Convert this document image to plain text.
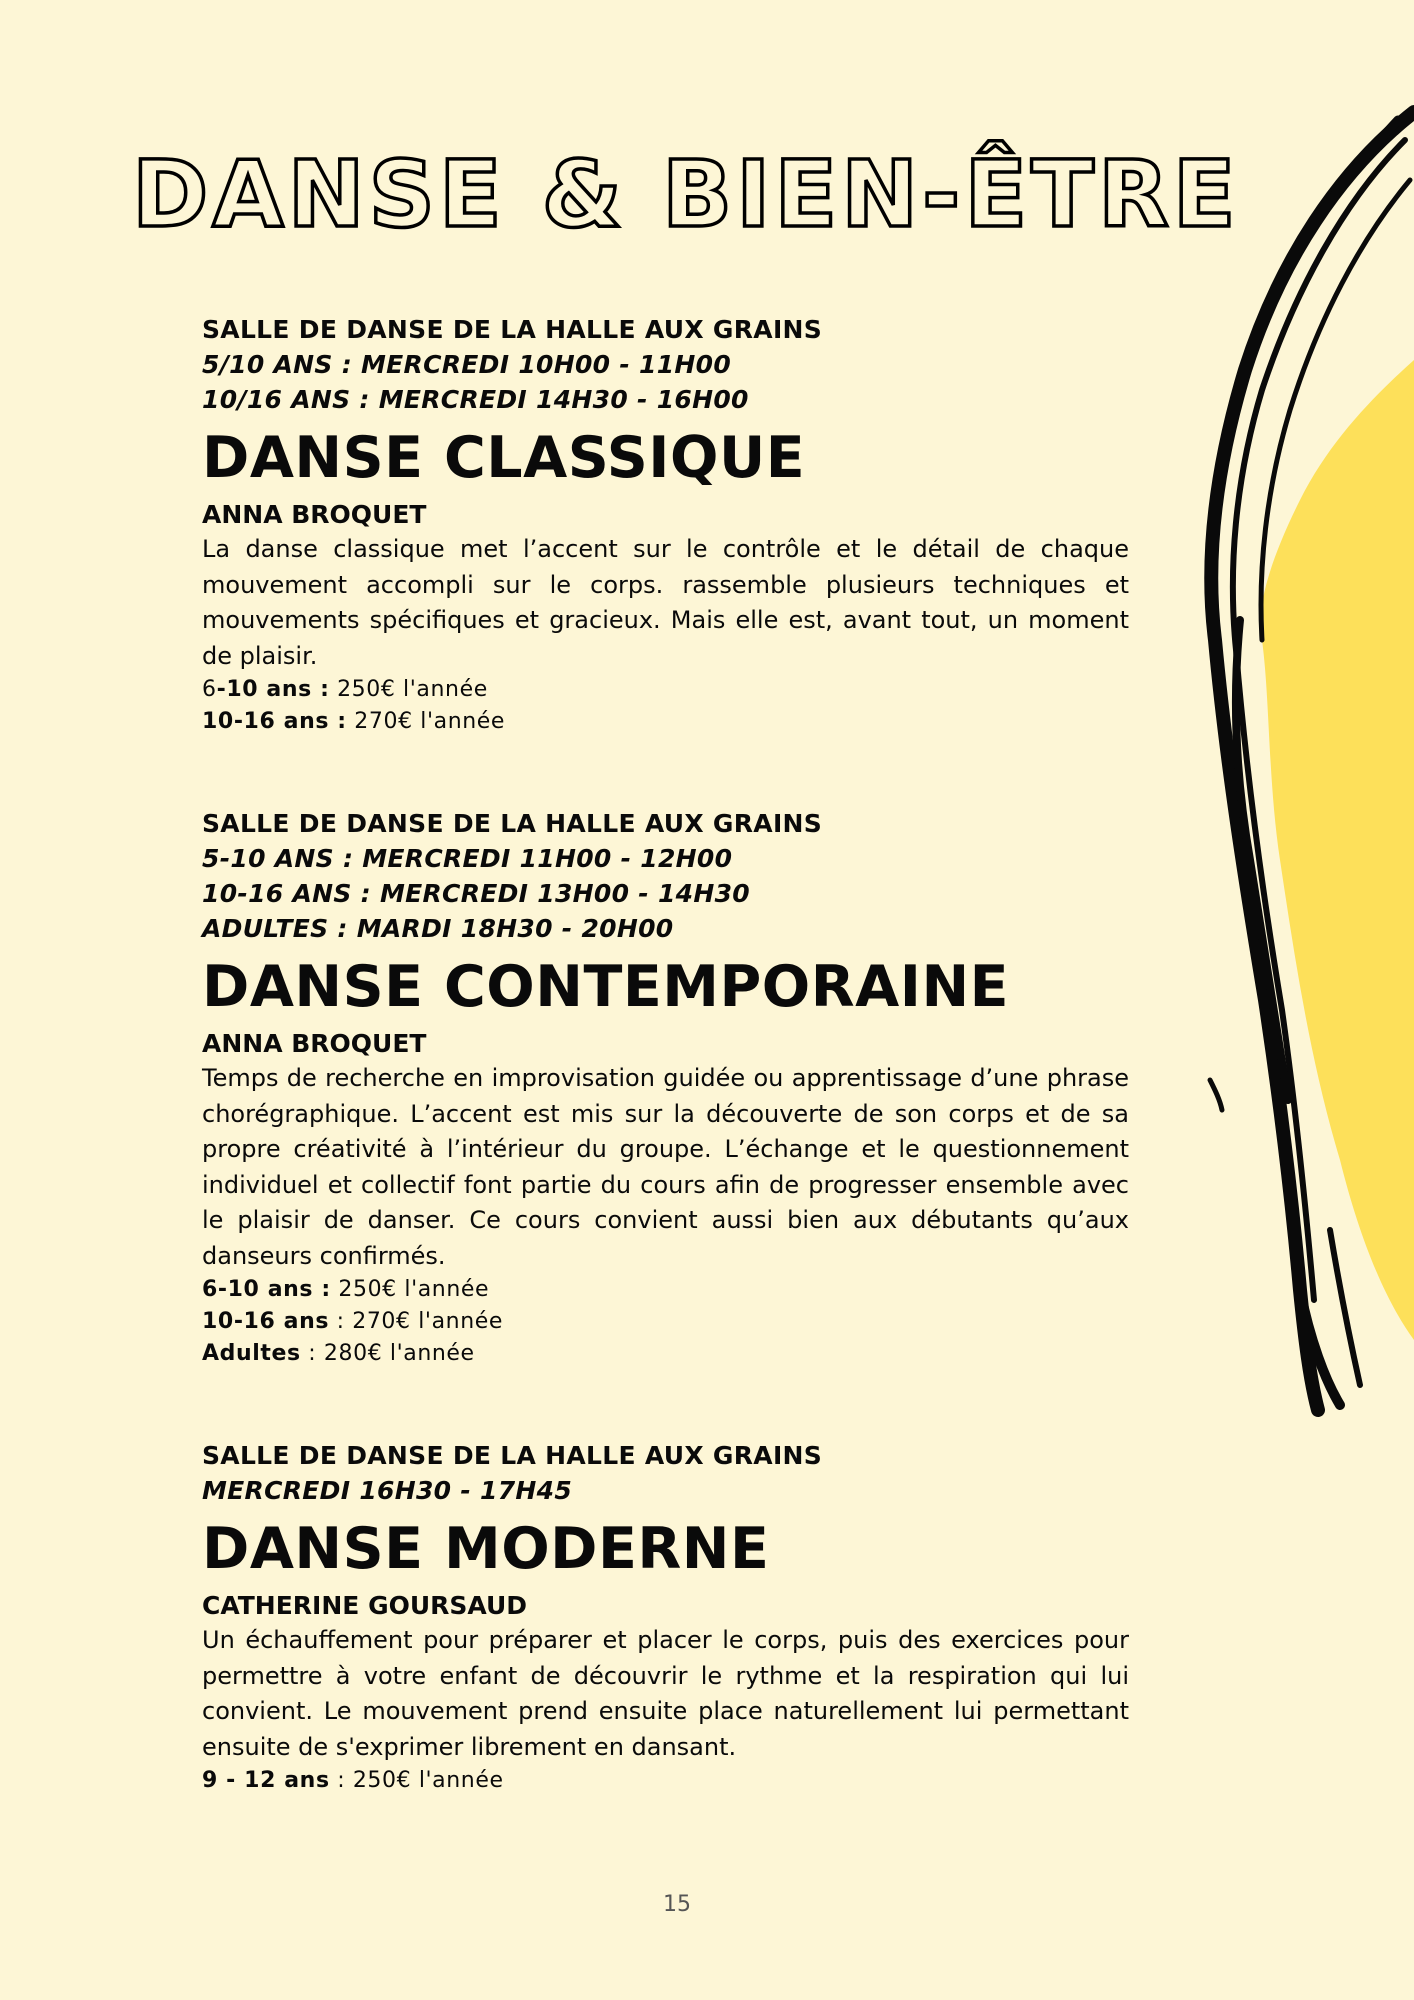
DANSE & BIEN-ÊTRE
SALLE DE DANSE DE LA HALLE AUX GRAINS
5/10 ANS : MERCREDI 10H00 - 11H00
10/16 ANS : MERCREDI 14H30 - 16H00
DANSE CLASSIQUE
ANNA BROQUET

La danse classique met l’accent sur le contrôle et le détail de chaque mouvement accompli sur le corps. rassemble plusieurs techniques et mouvements spécifiques et gracieux. Mais elle est, avant tout, un moment de plaisir.

6-10 ans : 250€ l'année
10-16 ans : 270€ l'année
SALLE DE DANSE DE LA HALLE AUX GRAINS
5-10 ANS : MERCREDI 11H00 - 12H00
10-16 ANS : MERCREDI 13H00 - 14H30
ADULTES : MARDI 18H30 - 20H00
DANSE CONTEMPORAINE
ANNA BROQUET

Temps de recherche en improvisation guidée ou apprentissage d’une phrase chorégraphique. L’accent est mis sur la découverte de son corps et de sa propre créativité à l’intérieur du groupe. L’échange et le questionnement individuel et collectif font partie du cours afin de progresser ensemble avec le plaisir de danser. Ce cours convient aussi bien aux débutants qu’aux danseurs confirmés.

6-10 ans : 250€ l'année
10-16 ans : 270€ l'année
Adultes : 280€ l'année
SALLE DE DANSE DE LA HALLE AUX GRAINS
MERCREDI 16H30 - 17H45
DANSE MODERNE
CATHERINE GOURSAUD

Un échauffement pour préparer et placer le corps, puis des exercices pour permettre à votre enfant de découvrir le rythme et la respiration qui lui convient. Le mouvement prend ensuite place naturellement lui permettant ensuite de s'exprimer librement en dansant.

9 - 12 ans : 250€ l'année
15
